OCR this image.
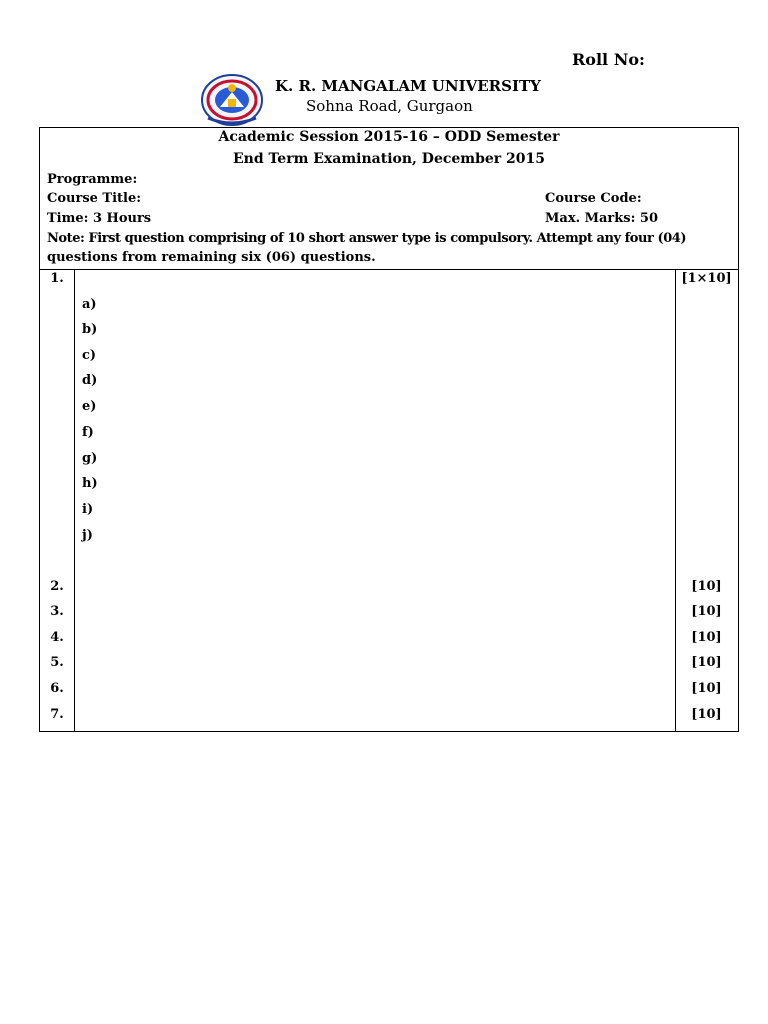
Roll No:
K. R. MANGALAM UNIVERSITY
Sohna Road, Gurgaon
Academic Session 2015-16 – ODD Semester
End Term Examination, December 2015
Programme:
Course Title:	Course Code:
Time: 3 Hours	Max. Marks: 50
Note: First question comprising of 10 short answer type is compulsory. Attempt any four (04)
questions from remaining six (06) questions.
1.	[1×10]
a)
b)
c)
d)
e)
f)
g)
h)
i)
j)
2.	[10]
3.	[10]
4.	[10]
5.	[10]
6.	[10]
7.	[10]
